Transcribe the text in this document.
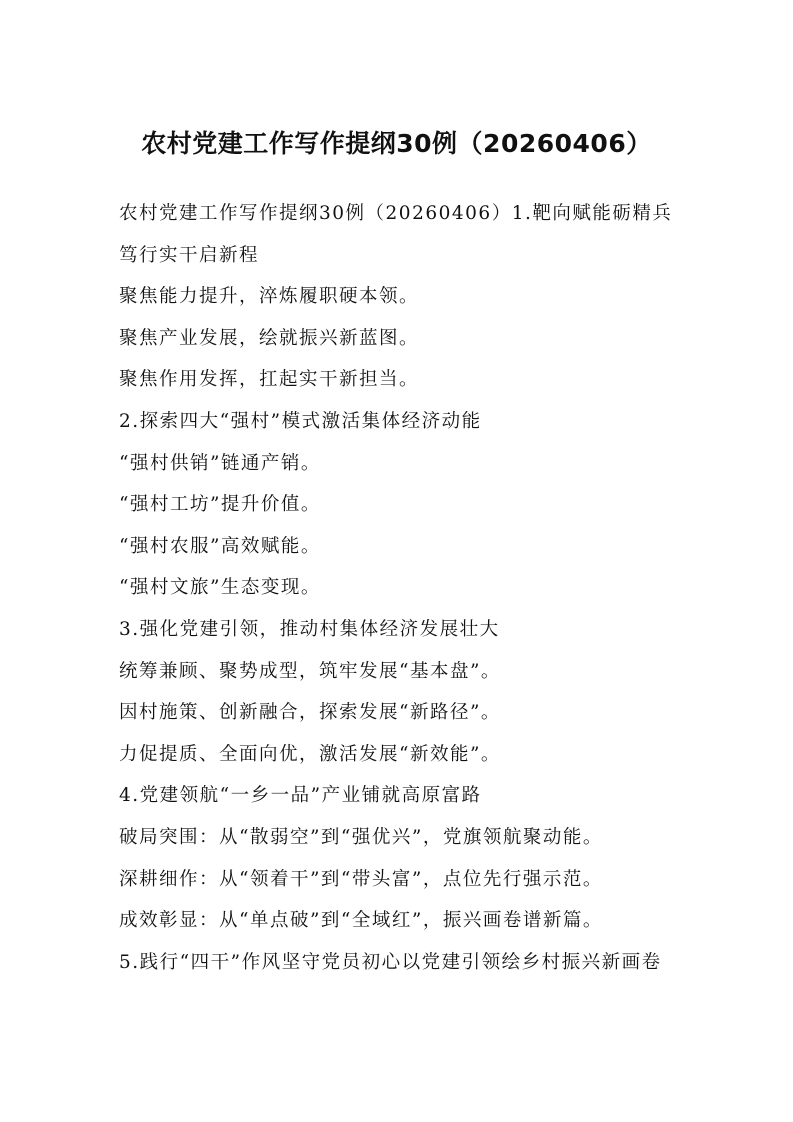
农村党建工作写作提纲30例（20260406）

农村党建工作写作提纲30例（20260406）1.靶向赋能砺精兵笃行实干启新程

聚焦能力提升，淬炼履职硬本领。

聚焦产业发展，绘就振兴新蓝图。

聚焦作用发挥，扛起实干新担当。

2.探索四大“强村”模式激活集体经济动能

“强村供销”链通产销。

“强村工坊”提升价值。

“强村农服”高效赋能。

“强村文旅”生态变现。

3.强化党建引领，推动村集体经济发展壮大

统筹兼顾、聚势成型，筑牢发展“基本盘”。

因村施策、创新融合，探索发展“新路径”。

力促提质、全面向优，激活发展“新效能”。

4.党建领航“一乡一品”产业铺就高原富路

破局突围：从“散弱空”到“强优兴”，党旗领航聚动能。

深耕细作：从“领着干”到“带头富”，点位先行强示范。

成效彰显：从“单点破”到“全域红”，振兴画卷谱新篇。

5.践行“四干”作风坚守党员初心以党建引领绘乡村振兴新画卷
